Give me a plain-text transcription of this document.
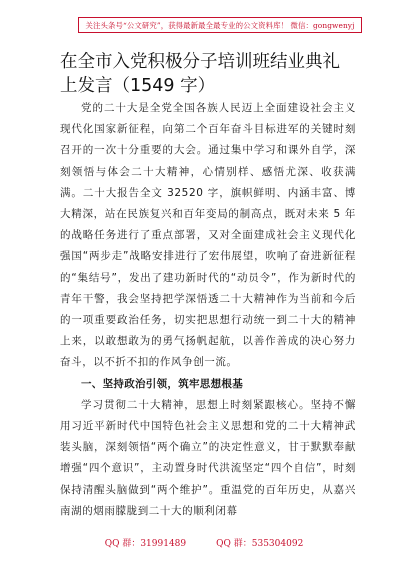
关注头条号“公文研究”，获得最新最全最专业的公文资料库！ 微信：gongwenyj
在全市入党积极分子培训班结业典礼上发言（1549 字）

党的二十大是全党全国各族人民迈上全面建设社会主义现代化国家新征程，向第二个百年奋斗目标进军的关键时刻召开的一次十分重要的大会。通过集中学习和课外自学，深刻领悟与体会二十大精神，心情别样、感悟尤深、收获满满。二十大报告全文 32520 字，旗帜鲜明、内涵丰富、博大精深，站在民族复兴和百年变局的制高点，既对未来 5 年的战略任务进行了重点部署，又对全面建成社会主义现代化强国“两步走”战略安排进行了宏伟展望，吹响了奋进新征程的“集结号”，发出了建功新时代的“动员令”，作为新时代的青年干警，我会坚持把学深悟透二十大精神作为当前和今后的一项重要政治任务，切实把思想行动统一到二十大的精神上来，以敢想敢为的勇气扬帆起航，以善作善成的决心努力奋斗，以不折不扣的作风争创一流。

一、坚持政治引领，筑牢思想根基

学习贯彻二十大精神，思想上时刻紧跟核心。坚持不懈用习近平新时代中国特色社会主义思想和党的二十大精神武装头脑，深刻领悟“两个确立”的决定性意义，甘于默默奉献增强“四个意识”，主动置身时代洪流坚定“四个自信”，时刻保持清醒头脑做到“两个维护”。重温党的百年历史，从嘉兴南湖的烟雨朦胧到二十大的顺利闭幕

QQ 群：31991489	QQ 群：535304092
